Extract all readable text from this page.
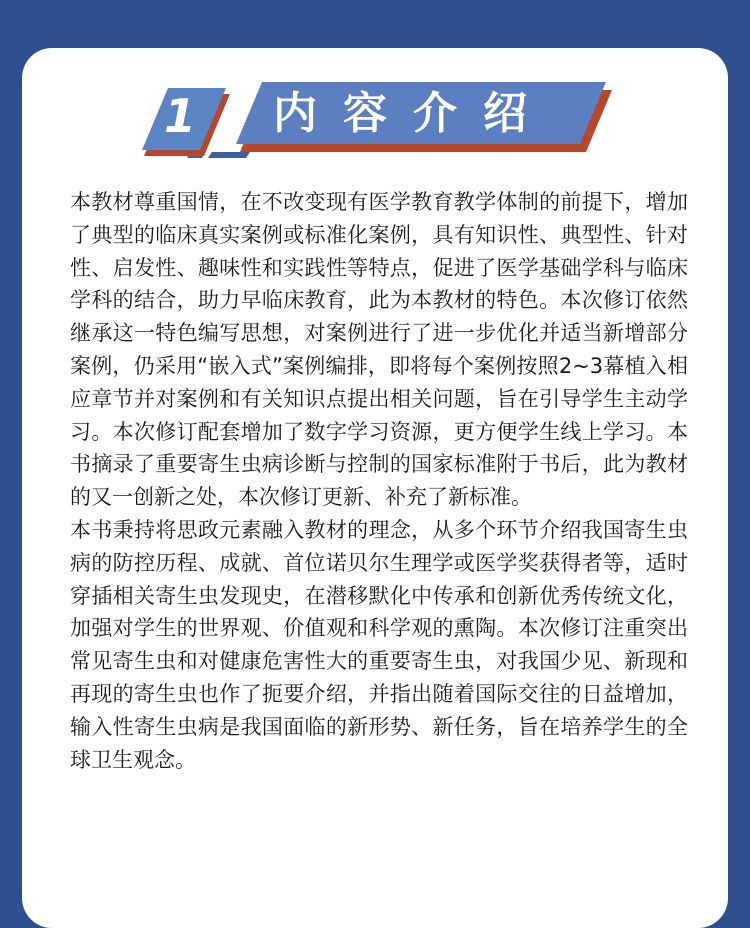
1	内容介绍

本教材尊重国情，在不改变现有医学教育教学体制的前提下，增加了典型的临床真实案例或标准化案例，具有知识性、典型性、针对性、启发性、趣味性和实践性等特点，促进了医学基础学科与临床学科的结合，助力早临床教育，此为本教材的特色。本次修订依然继承这一特色编写思想，对案例进行了进一步优化并适当新增部分案例，仍采用“嵌入式”案例编排，即将每个案例按照2~3幕植入相应章节并对案例和有关知识点提出相关问题，旨在引导学生主动学习。本次修订配套增加了数字学习资源，更方便学生线上学习。本书摘录了重要寄生虫病诊断与控制的国家标准附于书后，此为教材的又一创新之处，本次修订更新、补充了新标准。

本书秉持将思政元素融入教材的理念，从多个环节介绍我国寄生虫病的防控历程、成就、首位诺贝尔生理学或医学奖获得者等，适时穿插相关寄生虫发现史，在潜移默化中传承和创新优秀传统文化，加强对学生的世界观、价值观和科学观的熏陶。本次修订注重突出常见寄生虫和对健康危害性大的重要寄生虫，对我国少见、新现和再现的寄生虫也作了扼要介绍，并指出随着国际交往的日益增加，输入性寄生虫病是我国面临的新形势、新任务，旨在培养学生的全球卫生观念。
